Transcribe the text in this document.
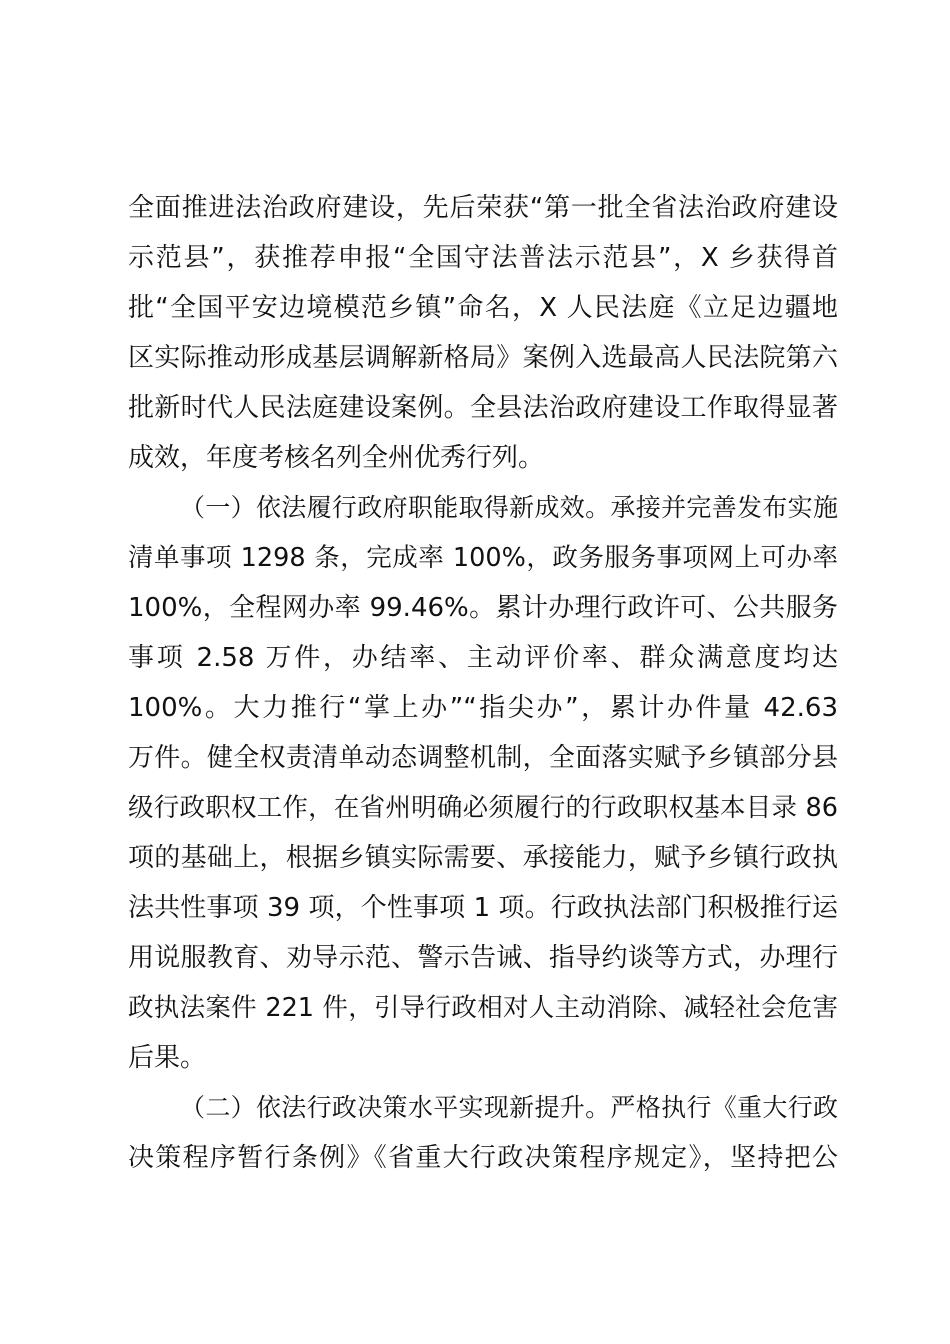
全面推进法治政府建设，先后荣获“第一批全省法治政府建设
示范县”，获推荐申报“全国守法普法示范县”，X 乡获得首
批“全国平安边境模范乡镇”命名，X 人民法庭《立足边疆地
区实际推动形成基层调解新格局》案例入选最高人民法院第六
批新时代人民法庭建设案例。全县法治政府建设工作取得显著
成效，年度考核名列全州优秀行列。
（一）依法履行政府职能取得新成效。承接并完善发布实施
清单事项 1298 条，完成率 100%，政务服务事项网上可办率
100%，全程网办率 99.46%。累计办理行政许可、公共服务
事项 2.58 万件，办结率、主动评价率、群众满意度均达
100%。大力推行“掌上办”“指尖办”，累计办件量 42.63
万件。健全权责清单动态调整机制，全面落实赋予乡镇部分县
级行政职权工作，在省州明确必须履行的行政职权基本目录 86
项的基础上，根据乡镇实际需要、承接能力，赋予乡镇行政执
法共性事项 39 项，个性事项 1 项。行政执法部门积极推行运
用说服教育、劝导示范、警示告诫、指导约谈等方式，办理行
政执法案件 221 件，引导行政相对人主动消除、减轻社会危害
后果。
（二）依法行政决策水平实现新提升。严格执行《重大行政
决策程序暂行条例》《省重大行政决策程序规定》，坚持把公
